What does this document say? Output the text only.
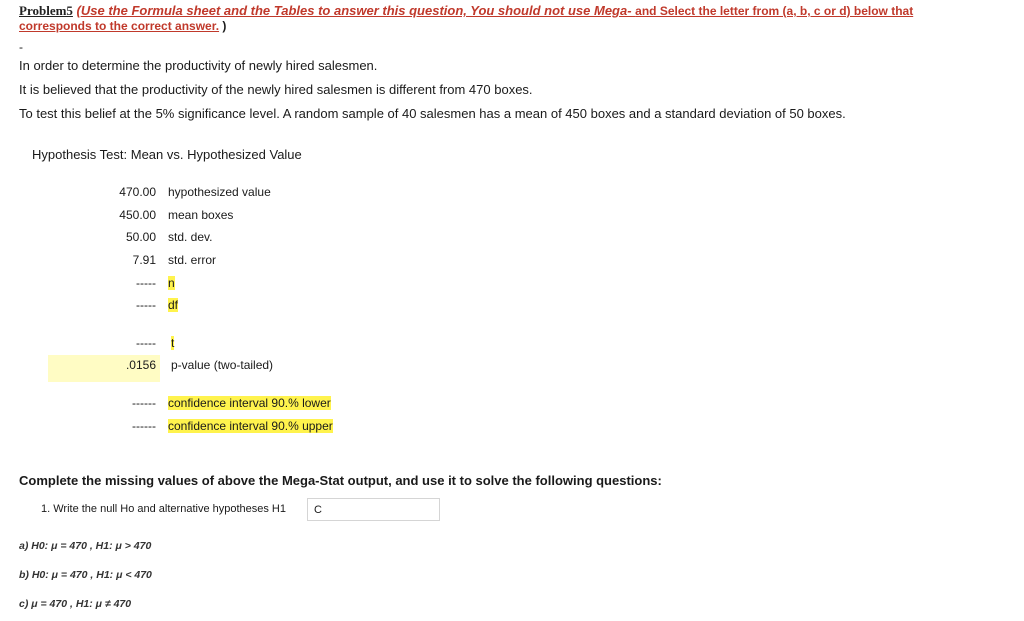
Problem5 (Use the Formula sheet and the Tables to answer this question, You should not use Mega- and Select the letter from (a, b, c or d) below that
corresponds to the correct answer. )
-
In order to determine the productivity of newly hired salesmen.
It is believed that the productivity of the newly hired salesmen is different from 470 boxes.
To test this belief at the 5% significance level. A random sample of 40 salesmen has a mean of 450 boxes and a standard deviation of 50 boxes.
Hypothesis Test: Mean vs. Hypothesized Value
470.00 hypothesized value
450.00 mean boxes
50.00 std. dev.
7.91 std. error
----- n
----- df
----- t
.0156 p-value (two-tailed)
------ confidence interval 90.% lower
------ confidence interval 90.% upper
Complete the missing values of above the Mega-Stat output, and use it to solve the following questions:
1. Write the null Ho and alternative hypotheses H1	C
a) H0: μ = 470 , H1: μ > 470
b) H0: μ = 470 , H1: μ < 470
c) μ = 470 , H1: μ ≠ 470
